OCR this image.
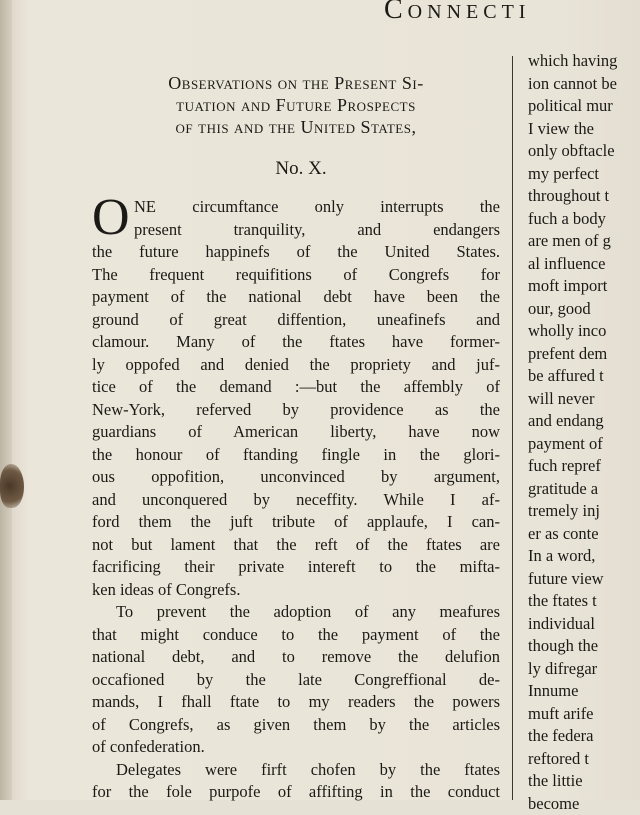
Connecti
Observations on the Present Si-
tuation and Future Prospects
of this and the United States,
No. X.
O NE circumftance only interrupts the
present tranquility, and endangers
the future happinefs of the United States.
The frequent requifitions of Congrefs for
payment of the national debt have been the
ground of great diffention, uneafinefs and
clamour. Many of the ftates have former-
ly oppofed and denied the propriety and juf-
tice of the demand :—but the affembly of
New-York, referved by providence as the
guardians of American liberty, have now
the honour of ftanding fingle in the glori-
ous oppofition, unconvinced by argument,
and unconquered by neceffity. While I af-
ford them the juft tribute of applaufe, I can-
not but lament that the reft of the ftates are
facrificing their private intereft to the mifta-
ken ideas of Congrefs.
To prevent the adoption of any meafures
that might conduce to the payment of the
national debt, and to remove the delufion
occafioned by the late Congreffional de-
mands, I fhall ftate to my readers the powers
of Congrefs, as given them by the articles
of confederation.
Delegates were firft chofen by the ftates
for the fole purpofe of affifting in the conduct
which having
ion cannot be
political mur
I view the
only obftacle
my perfect
throughout t
fuch a body
are men of g
al influence
moft import
our, good
wholly inco
prefent dem
be affured t
will never
and endang
payment of
fuch repref
gratitude a
tremely inj
er as conte
In a word,
future view
the ftates t
individual
though the
ly difregar
Innume
muft arife
the federa
reftored t
the littie
become
